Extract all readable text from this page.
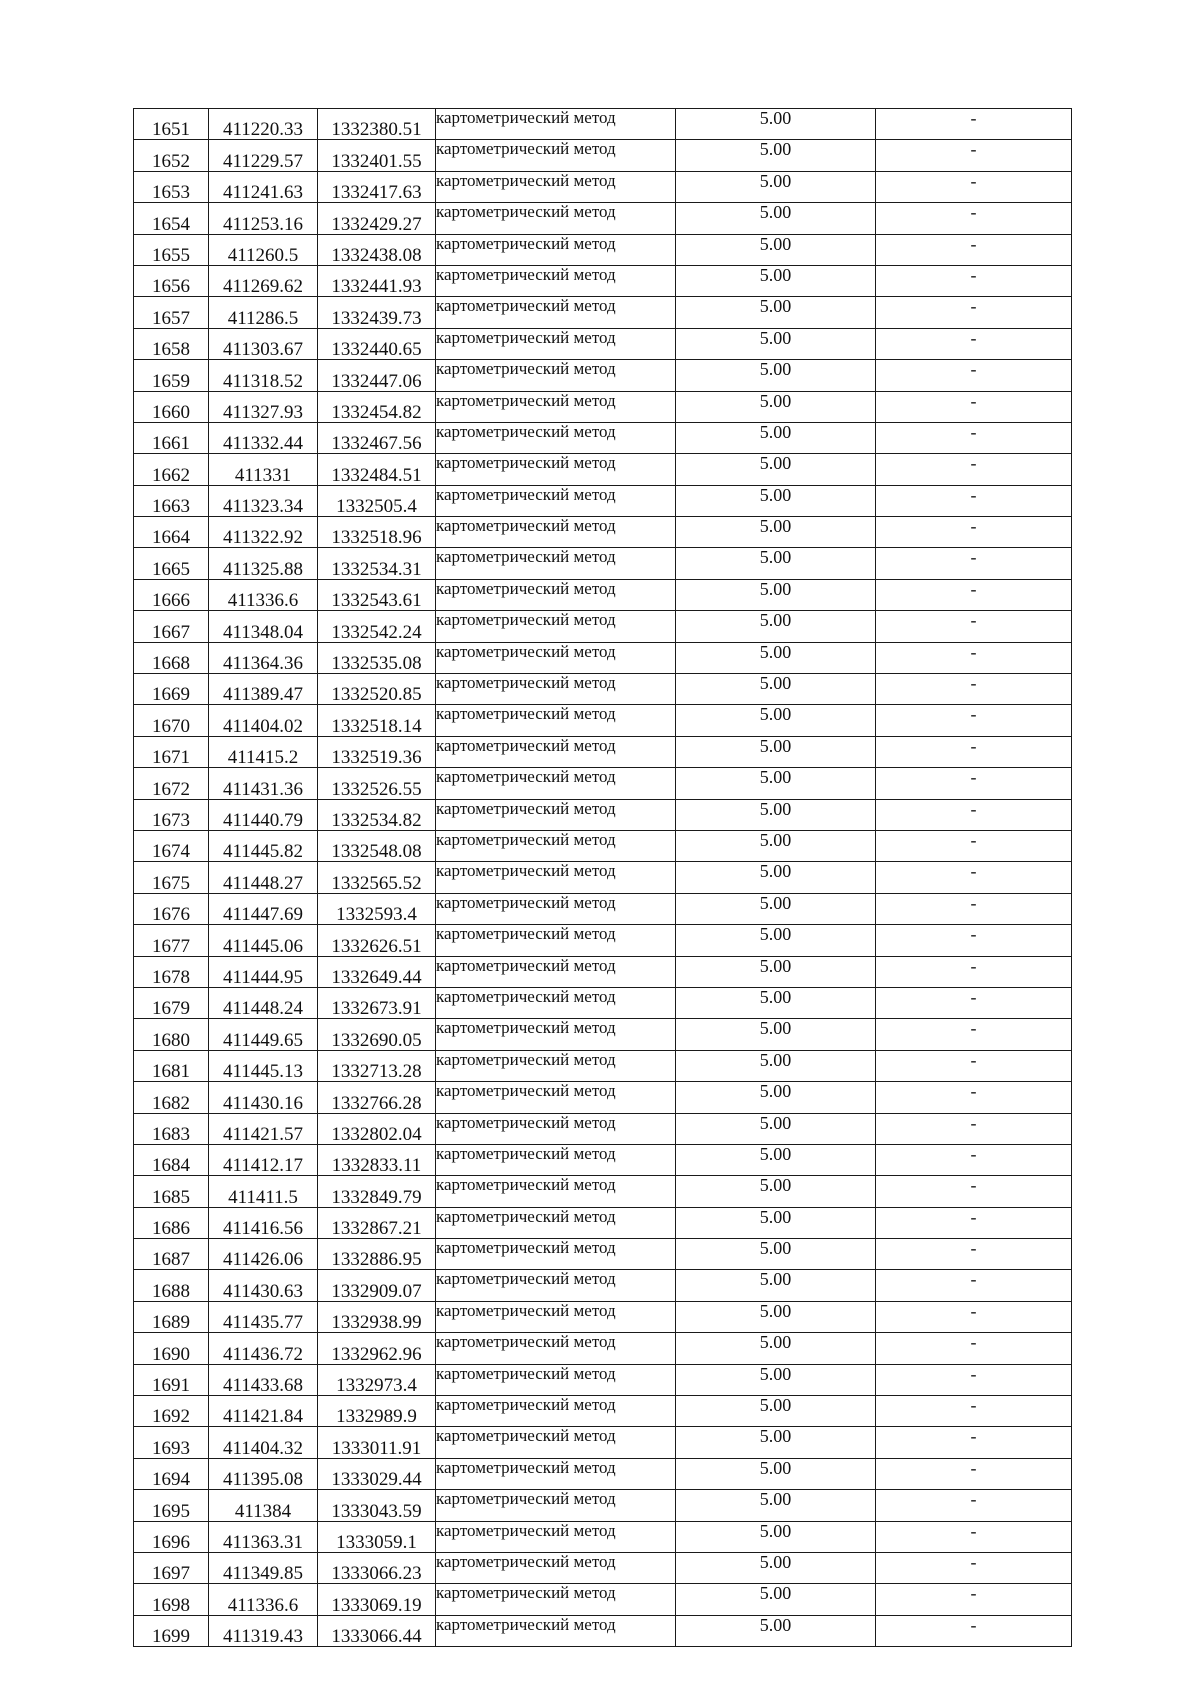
1651	411220.33	1332380.51	картометрический метод	5.00	-
1652	411229.57	1332401.55	картометрический метод	5.00	-
1653	411241.63	1332417.63	картометрический метод	5.00	-
1654	411253.16	1332429.27	картометрический метод	5.00	-
1655	411260.5	1332438.08	картометрический метод	5.00	-
1656	411269.62	1332441.93	картометрический метод	5.00	-
1657	411286.5	1332439.73	картометрический метод	5.00	-
1658	411303.67	1332440.65	картометрический метод	5.00	-
1659	411318.52	1332447.06	картометрический метод	5.00	-
1660	411327.93	1332454.82	картометрический метод	5.00	-
1661	411332.44	1332467.56	картометрический метод	5.00	-
1662	411331	1332484.51	картометрический метод	5.00	-
1663	411323.34	1332505.4	картометрический метод	5.00	-
1664	411322.92	1332518.96	картометрический метод	5.00	-
1665	411325.88	1332534.31	картометрический метод	5.00	-
1666	411336.6	1332543.61	картометрический метод	5.00	-
1667	411348.04	1332542.24	картометрический метод	5.00	-
1668	411364.36	1332535.08	картометрический метод	5.00	-
1669	411389.47	1332520.85	картометрический метод	5.00	-
1670	411404.02	1332518.14	картометрический метод	5.00	-
1671	411415.2	1332519.36	картометрический метод	5.00	-
1672	411431.36	1332526.55	картометрический метод	5.00	-
1673	411440.79	1332534.82	картометрический метод	5.00	-
1674	411445.82	1332548.08	картометрический метод	5.00	-
1675	411448.27	1332565.52	картометрический метод	5.00	-
1676	411447.69	1332593.4	картометрический метод	5.00	-
1677	411445.06	1332626.51	картометрический метод	5.00	-
1678	411444.95	1332649.44	картометрический метод	5.00	-
1679	411448.24	1332673.91	картометрический метод	5.00	-
1680	411449.65	1332690.05	картометрический метод	5.00	-
1681	411445.13	1332713.28	картометрический метод	5.00	-
1682	411430.16	1332766.28	картометрический метод	5.00	-
1683	411421.57	1332802.04	картометрический метод	5.00	-
1684	411412.17	1332833.11	картометрический метод	5.00	-
1685	411411.5	1332849.79	картометрический метод	5.00	-
1686	411416.56	1332867.21	картометрический метод	5.00	-
1687	411426.06	1332886.95	картометрический метод	5.00	-
1688	411430.63	1332909.07	картометрический метод	5.00	-
1689	411435.77	1332938.99	картометрический метод	5.00	-
1690	411436.72	1332962.96	картометрический метод	5.00	-
1691	411433.68	1332973.4	картометрический метод	5.00	-
1692	411421.84	1332989.9	картометрический метод	5.00	-
1693	411404.32	1333011.91	картометрический метод	5.00	-
1694	411395.08	1333029.44	картометрический метод	5.00	-
1695	411384	1333043.59	картометрический метод	5.00	-
1696	411363.31	1333059.1	картометрический метод	5.00	-
1697	411349.85	1333066.23	картометрический метод	5.00	-
1698	411336.6	1333069.19	картометрический метод	5.00	-
1699	411319.43	1333066.44	картометрический метод	5.00	-
